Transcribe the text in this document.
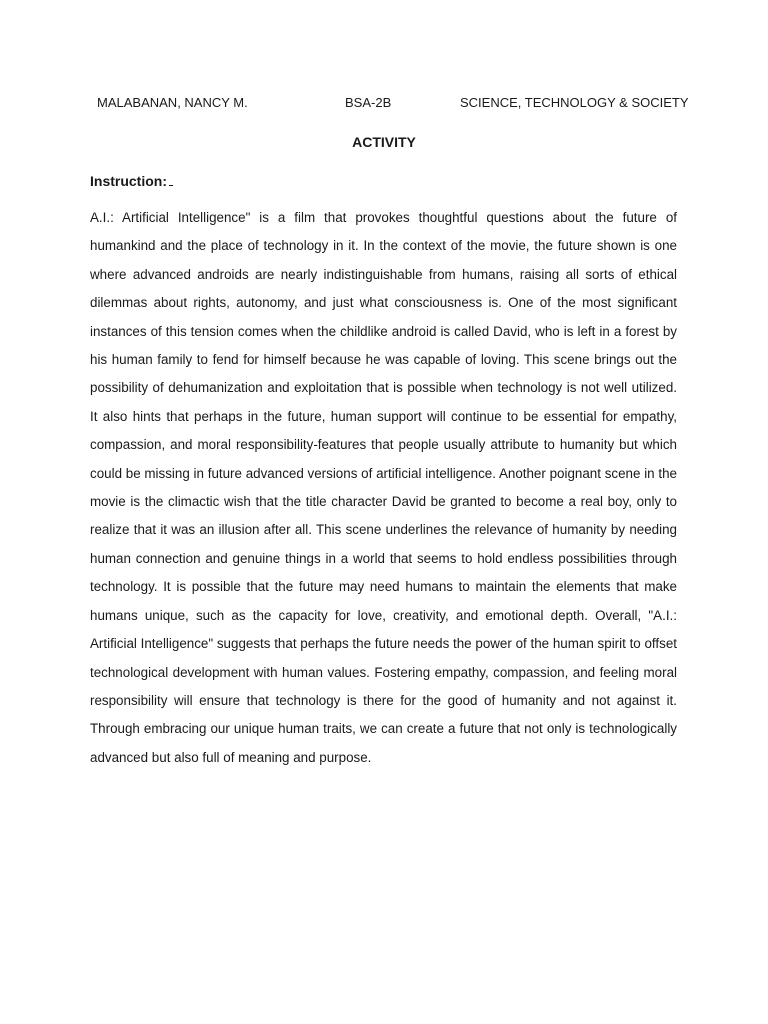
MALABANAN, NANCY M.	BSA-2B	SCIENCE, TECHNOLOGY & SOCIETY
ACTIVITY
Instruction:

A.I.: Artificial Intelligence" is a film that provokes thoughtful questions about the future of humankind and the place of technology in it. In the context of the movie, the future shown is one where advanced androids are nearly indistinguishable from humans, raising all sorts of ethical dilemmas about rights, autonomy, and just what consciousness is. One of the most significant instances of this tension comes when the childlike android is called David, who is left in a forest by his human family to fend for himself because he was capable of loving. This scene brings out the possibility of dehumanization and exploitation that is possible when technology is not well utilized. It also hints that perhaps in the future, human support will continue to be essential for empathy, compassion, and moral responsibility-features that people usually attribute to humanity but which could be missing in future advanced versions of artificial intelligence. Another poignant scene in the movie is the climactic wish that the title character David be granted to become a real boy, only to realize that it was an illusion after all. This scene underlines the relevance of humanity by needing human connection and genuine things in a world that seems to hold endless possibilities through technology. It is possible that the future may need humans to maintain the elements that make humans unique, such as the capacity for love, creativity, and emotional depth. Overall, "A.I.: Artificial Intelligence" suggests that perhaps the future needs the power of the human spirit to offset technological development with human values. Fostering empathy, compassion, and feeling moral responsibility will ensure that technology is there for the good of humanity and not against it. Through embracing our unique human traits, we can create a future that not only is technologically advanced but also full of meaning and purpose.
